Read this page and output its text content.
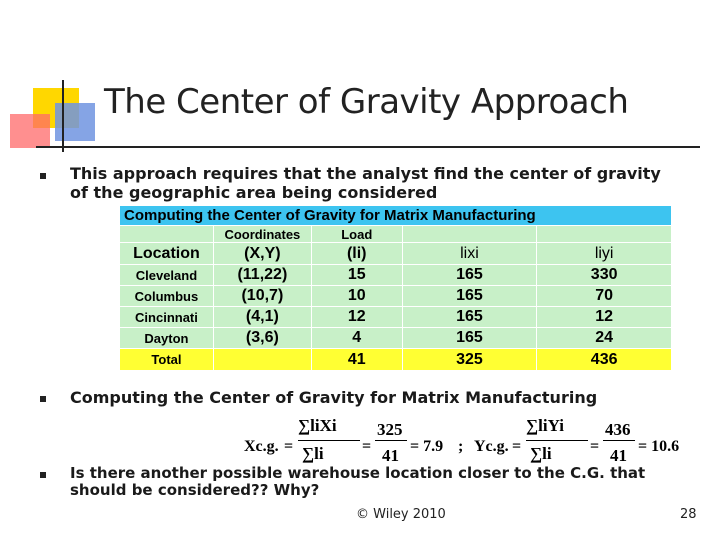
The Center of Gravity Approach
This approach requires that the analyst find the center of gravity of the geographic area being considered
Computing the Center of Gravity for Matrix Manufacturing
Is there another possible warehouse location closer to the C.G. that should be considered?? Why?
Computing the Center of Gravity for Matrix Manufacturing				
	Coordinates	Load		
Location	(X,Y)	(li)	lixi	liyi
Cleveland	(11,22)	15	165	330
Columbus	(10,7)	10	165	70
Cincinnati	(4,1)	12	165	12
Dayton	(3,6)	4	165	24
Total		41	325	436
Xc.g. =
∑liXi
∑li =
325
41 = 7.9 ; Yc.g. =
∑liYi
∑li =
436
41 = 10.6
© Wiley 2010	28
